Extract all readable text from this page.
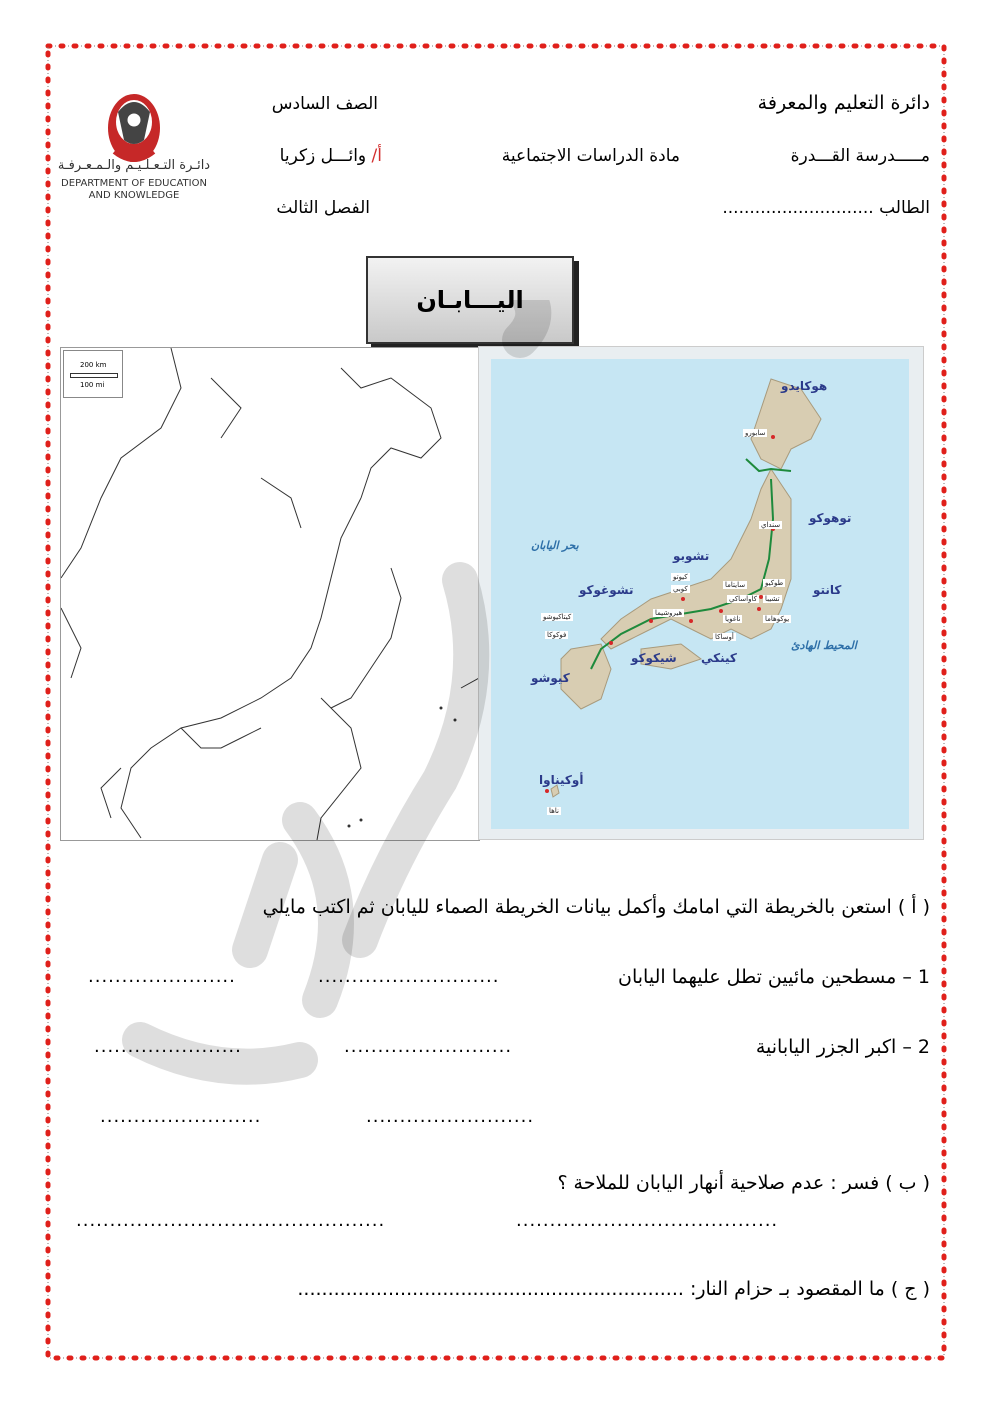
دائـرة التـعـلـيـم والـمـعـرفـة
DEPARTMENT OF EDUCATION
AND KNOWLEDGE
دائرة التعليم والمعرفة
الصف السادس
مـــــدرسة القـــدرة
مادة الدراسات الاجتماعية
أ/ وائـــل زكريا
الطالب ............................
الفصل الثالث
اليـــابـان
200 km
100 mi	هوكايدو
توهوكو
كانتو
تشوبو
تشوغوكو
كينكي
شيكوكو
كيوشو
أوكيناوا
بحر اليابان
المحيط الهادئ
سابورو
سنداي
طوكيو
تشيبا
سايتاما
كاواساكي
يوكوهاما
ناغويا
كيوتو
كوبي
أوساكا
هيروشيما
كيتاكيوشو
فوكوكا
ناها
( أ ) استعن بالخريطة التي امامك وأكمل بيانات الخريطة الصماء لليابان ثم اكتب مايلي
1 – مسطحين مائيين تطل عليهما اليابان
...........................
......................
2 – اكبر الجزر اليابانية
.........................
......................
.........................
........................
( ب ) فسر : عدم صلاحية أنهار اليابان للملاحة ؟
.......................................
..............................................
( ج ) ما المقصود بـ حزام النار: ................................................................
